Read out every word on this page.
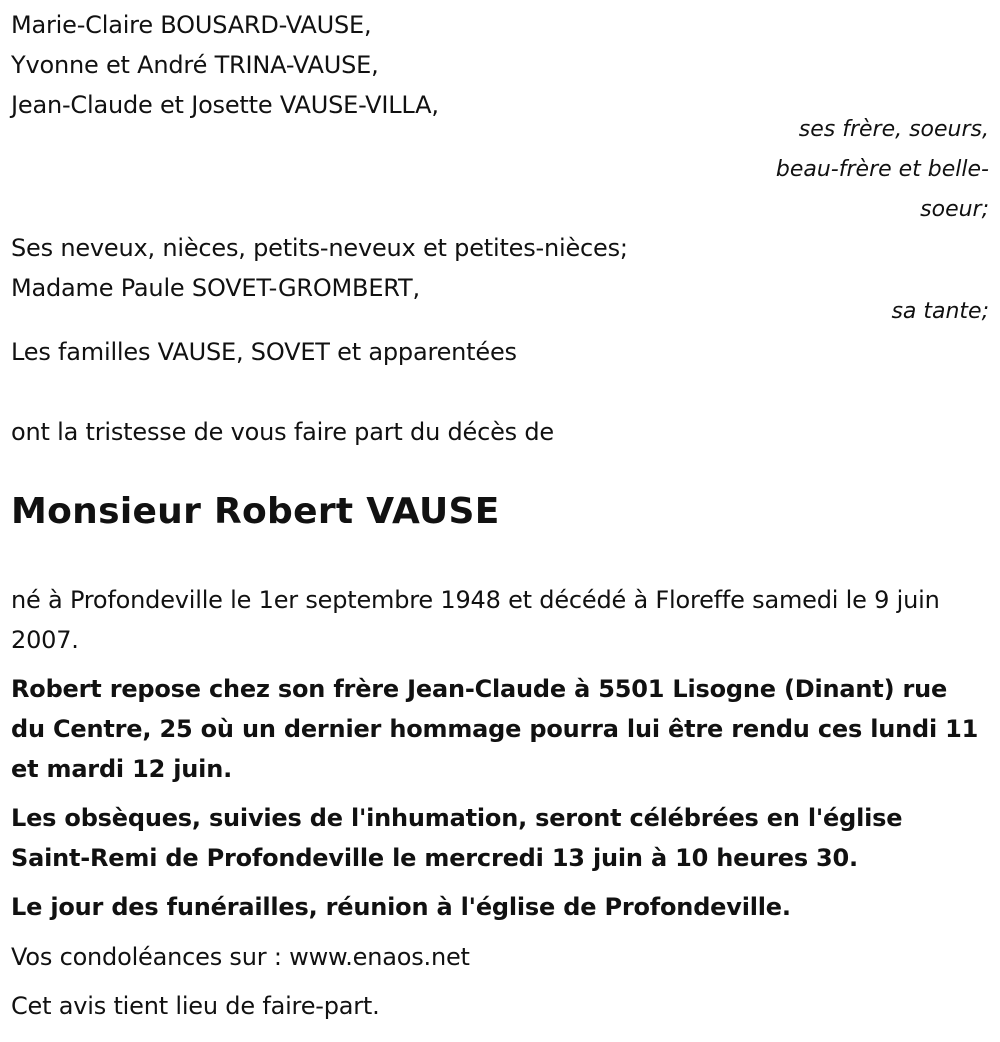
Marie-Claire BOUSARD-VAUSE,
Yvonne et André TRINA-VAUSE,
Jean-Claude et Josette VAUSE-VILLA,
ses frère, soeurs,
beau-frère et belle-
soeur;
Ses neveux, nièces, petits-neveux et petites-nièces;
Madame Paule SOVET-GROMBERT,
sa tante;
Les familles VAUSE, SOVET et apparentées
ont la tristesse de vous faire part du décès de
Monsieur Robert VAUSE
né à Profondeville le 1er septembre 1948 et décédé à Floreffe samedi le 9 juin 2007.
Robert repose chez son frère Jean-Claude à 5501 Lisogne (Dinant) rue du Centre, 25 où un dernier hommage pourra lui être rendu ces lundi 11 et mardi 12 juin.
Les obsèques, suivies de l'inhumation, seront célébrées en l'église Saint-Remi de Profondeville le mercredi 13 juin à 10 heures 30.
Le jour des funérailles, réunion à l'église de Profondeville.
Vos condoléances sur : www.enaos.net
Cet avis tient lieu de faire-part.
